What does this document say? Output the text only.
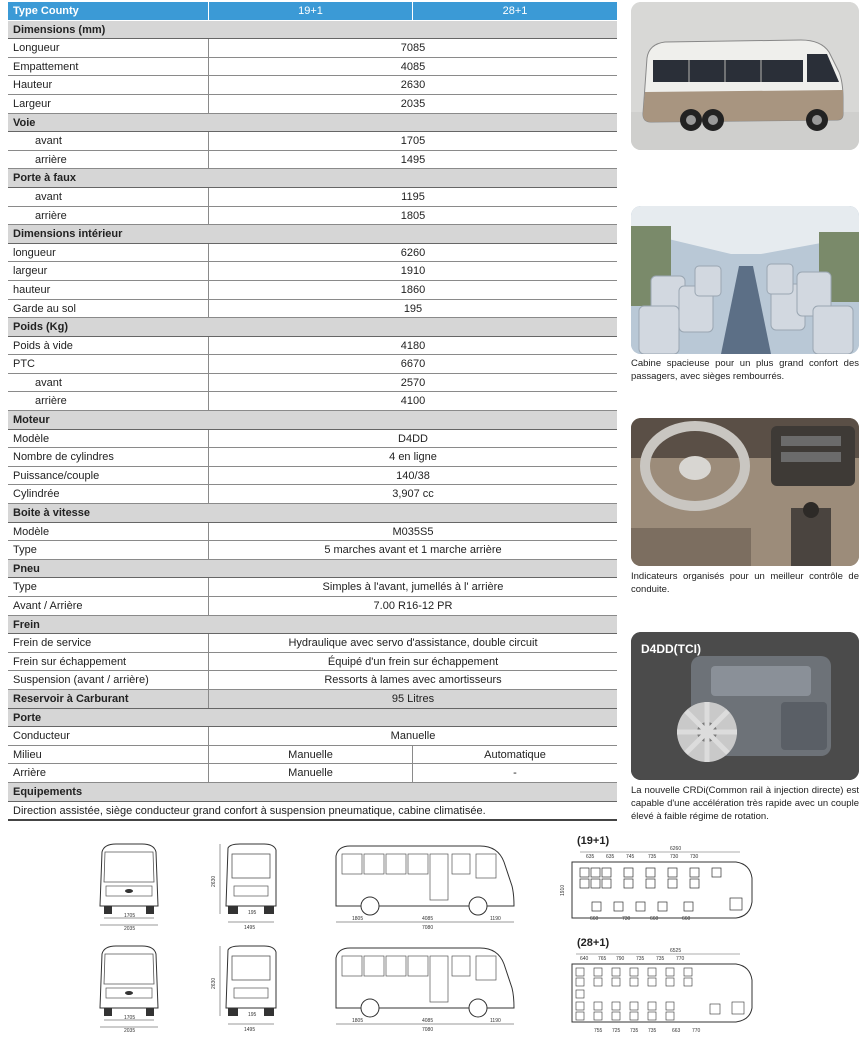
Type County	19+1	28+1
Dimensions (mm)
Longueur	7085
Empattement	4085
Hauteur	2630
Largeur	2035
Voie
avant	1705
arrière	1495
Porte à faux
avant	1195
arrière	1805
Dimensions intérieur
longueur	6260
largeur	1910
hauteur	1860
Garde au sol	195
Poids (Kg)
Poids à vide	4180
PTC	6670
avant	2570
arrière	4100
Moteur
Modèle	D4DD
Nombre de cylindres	4 en ligne
Puissance/couple	140/38
Cylindrée	3,907 cc
Boite à vitesse
Modèle	M035S5
Type	5 marches avant et 1 marche arrière
Pneu
Type	Simples à l'avant, jumellés à l' arrière
Avant / Arrière	7.00 R16-12 PR
Frein
Frein de service	Hydraulique avec servo d'assistance, double circuit
Frein sur échappement	Équipé d'un frein sur échappement
Suspension (avant / arrière)	Ressorts à lames avec amortisseurs
Reservoir à Carburant	95 Litres
Porte
Conducteur	Manuelle
Milieu	Manuelle	Automatique
Arrière	Manuelle	-
Equipements
Direction assistée, siège conducteur grand confort à suspension pneumatique, cabine climatisée.
Cabine spacieuse pour un plus grand confort des passagers, avec sièges rembourrés.
Indicateurs organisés pour un meilleur contrôle de conduite.
D4DD(TCI)
La nouvelle CRDi(Common rail à injection directe) est capable d'une accélération très rapide avec un couple élevé à faible régime de rotation.
1705
2035
2630
195
1495
1805	4085	1190
7080
(19+1)
6260
635 635 745	735	730 730
1910
660	730	660	660
1705
2035
2630
195
1495
1805	4085	1190
7080
(28+1)
6525
640 765 790 735 735 770
755 725 735 735	663 770
